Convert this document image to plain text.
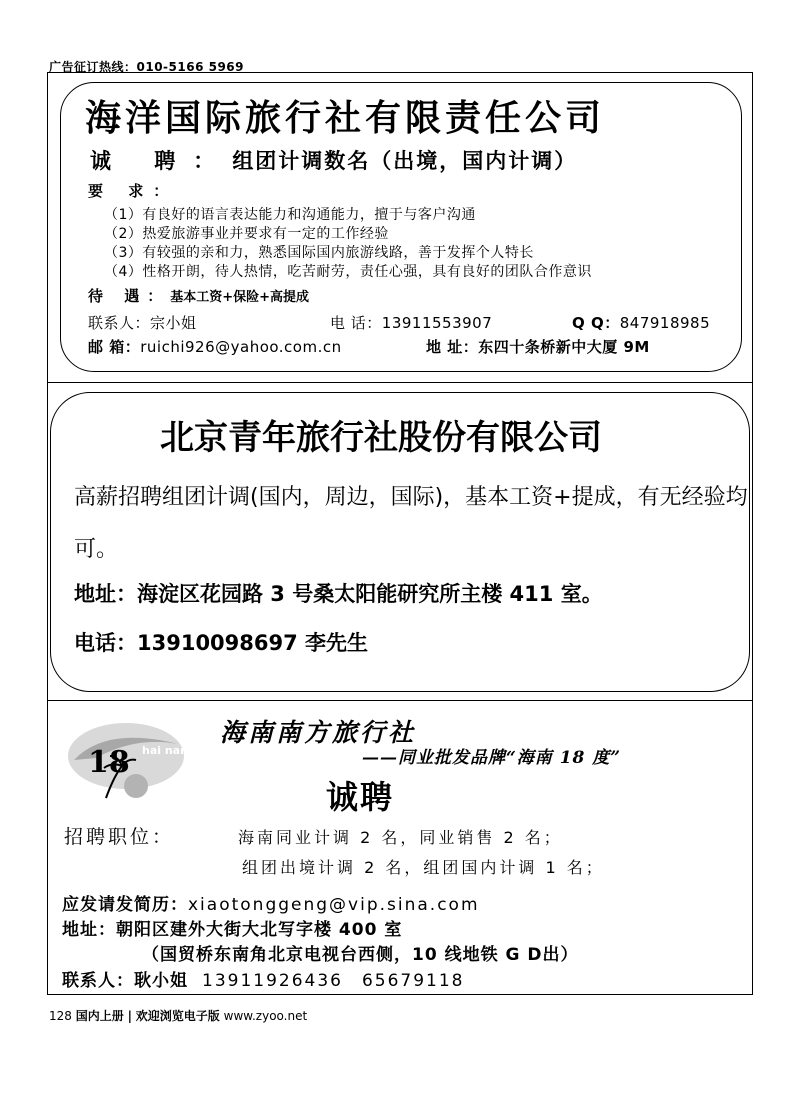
广告征订热线：010-5166 5969
海洋国际旅行社有限责任公司
诚 聘：组团计调数名（出境，国内计调）
要 求：
（1）有良好的语言表达能力和沟通能力，擅于与客户沟通
（2）热爱旅游事业并要求有一定的工作经验
（3）有较强的亲和力，熟悉国际国内旅游线路，善于发挥个人特长
（4）性格开朗，待人热情，吃苦耐劳，责任心强，具有良好的团队合作意识
待 遇：基本工资+保险+高提成
联系人：宗小姐	电 话：13911553907	Q Q：847918985
邮 箱：ruichi926@yahoo.com.cn	地 址：东四十条桥新中大厦 9M
北京青年旅行社股份有限公司
高薪招聘组团计调(国内，周边，国际)，基本工资+提成，有无经验均可。
地址：海淀区花园路 3 号桑太阳能研究所主楼 411 室。
电话：13910098697 李先生
18 hai nan
海南南方旅行社
——同业批发品牌“海南 18 度”
诚聘
招聘职位：	海南同业计调 2 名，同业销售 2 名；
组团出境计调 2 名，组团国内计调 1 名；
应发请发简历：xiaotonggeng@vip.sina.com
地址：朝阳区建外大街大北写字楼 400 室
（国贸桥东南角北京电视台西侧，10 线地铁 G D出）
联系人：耿小姐 13911926436　65679118
128 国内上册 | 欢迎浏览电子版 www.zyoo.net
